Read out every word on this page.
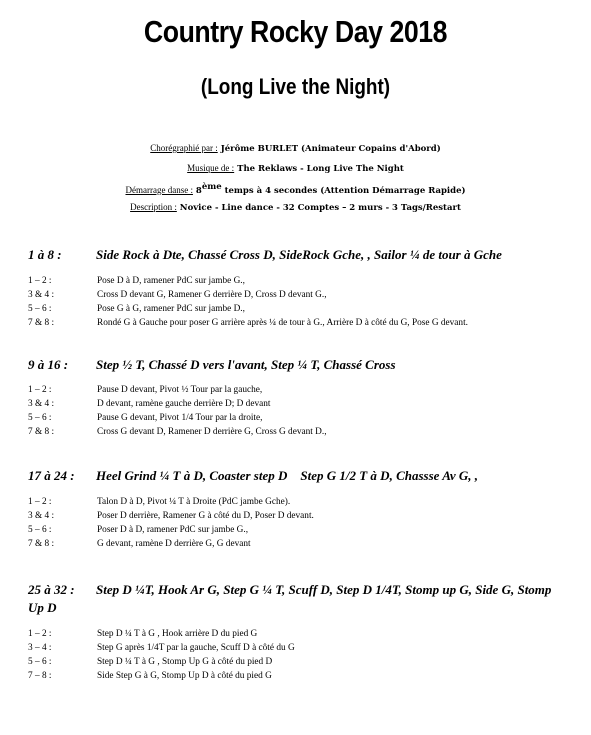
Country Rocky Day 2018
(Long Live the Night)
Chorégraphié par : Jérôme BURLET (Animateur Copains d'Abord)
Musique de : The Reklaws - Long Live The Night
Démarrage danse : 8ème temps à 4 secondes (Attention Démarrage Rapide)
Description : Novice - Line dance - 32 Comptes – 2 murs - 3 Tags/Restart
1 à 8 :	Side Rock à Dte, Chassé Cross D, SideRock Gche, , Sailor ¼ de tour à Gche
1 – 2 :	Pose D à D, ramener PdC sur jambe G.,
3 & 4 :	Cross D devant G, Ramener G derrière D, Cross D devant G.,
5 – 6 :	Pose G à G, ramener PdC sur jambe D.,
7 & 8 :	Rondé G à Gauche pour poser G arrière après ¼ de tour à G., Arrière D à côté du G, Pose G devant.
9 à 16 : Step ½ T, Chassé D vers l'avant, Step ¼ T, Chassé Cross
1 – 2 :	Pause D devant, Pivot ½ Tour par la gauche,
3 & 4 :	D devant, ramène gauche derrière D; D devant
5 – 6 :	Pause G devant, Pivot 1/4 Tour par la droite,
7 & 8 :	Cross G devant D, Ramener D derrière G, Cross G devant D.,
17 à 24 : Heel Grind ¼ T à D, Coaster step D    Step G 1/2 T à D, Chassse Av G, ,
1 – 2 :	Talon D à D, Pivot ¼ T à Droite (PdC jambe Gche).
3 & 4 :	Poser D derrière, Ramener G à côté du D, Poser D devant.
5 – 6 :	Poser D à D, ramener PdC sur jambe G.,
7 & 8 :	G devant, ramène D derrière G, G devant
25 à 32 : Step D ¼T, Hook Ar G, Step G ¼ T, Scuff D, Step D 1/4T, Stomp up G, Side G, Stomp
Up D
1 – 2 :	Step D ¼ T à G , Hook arrière D du pied G
3 – 4 :	Step G après 1/4T par la gauche, Scuff D à côté du G
5 – 6 :	Step D ¼ T à G , Stomp Up G à côté du pied D
7 – 8 :	Side Step G à G, Stomp Up D à côté du pied G
